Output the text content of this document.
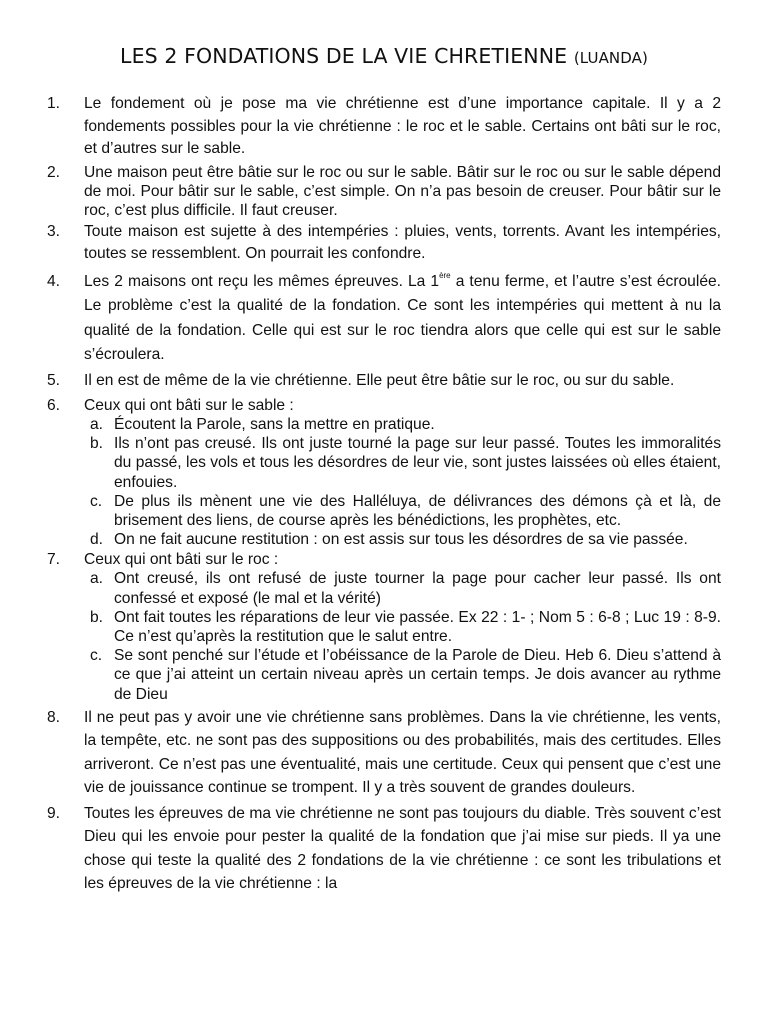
LES 2 FONDATIONS DE LA VIE CHRETIENNE (LUANDA)
1. Le fondement où je pose ma vie chrétienne est d’une importance capitale. Il y a 2 fondements possibles pour la vie chrétienne : le roc et le sable. Certains ont bâti sur le roc, et d’autres sur le sable.
2. Une maison peut être bâtie sur le roc ou sur le sable. Bâtir sur le roc ou sur le sable dépend de moi. Pour bâtir sur le sable, c’est simple. On n’a pas besoin de creuser. Pour bâtir sur le roc, c’est plus difficile. Il faut creuser.
3. Toute maison est sujette à des intempéries : pluies, vents, torrents. Avant les intempéries, toutes se ressemblent. On pourrait les confondre.
4. Les 2 maisons ont reçu les mêmes épreuves. La 1ère a tenu ferme, et l’autre s’est écroulée. Le problème c’est la qualité de la fondation. Ce sont les intempéries qui mettent à nu la qualité de la fondation. Celle qui est sur le roc tiendra alors que celle qui est sur le sable s’écroulera.
5. Il en est de même de la vie chrétienne. Elle peut être bâtie sur le roc, ou sur du sable.
6. Ceux qui ont bâti sur le sable :
a. Écoutent la Parole, sans la mettre en pratique.
b. Ils n’ont pas creusé. Ils ont juste tourné la page sur leur passé. Toutes les immoralités du passé, les vols et tous les désordres de leur vie, sont justes laissées où elles étaient, enfouies.
c. De plus ils mènent une vie des Halléluya, de délivrances des démons çà et là, de brisement des liens, de course après les bénédictions, les prophètes, etc.
d. On ne fait aucune restitution : on est assis sur tous les désordres de sa vie passée.
7. Ceux qui ont bâti sur le roc :
a. Ont creusé, ils ont refusé de juste tourner la page pour cacher leur passé. Ils ont confessé et exposé (le mal et la vérité)
b. Ont fait toutes les réparations de leur vie passée. Ex 22 : 1- ; Nom 5 : 6-8 ; Luc 19 : 8-9. Ce n’est qu’après la restitution que le salut entre.
c. Se sont penché sur l’étude et l’obéissance de la Parole de Dieu. Heb 6. Dieu s’attend à ce que j’ai atteint un certain niveau après un certain temps. Je dois avancer au rythme de Dieu
8. Il ne peut pas y avoir une vie chrétienne sans problèmes. Dans la vie chrétienne, les vents, la tempête, etc. ne sont pas des suppositions ou des probabilités, mais des certitudes. Elles arriveront. Ce n’est pas une éventualité, mais une certitude. Ceux qui pensent que c’est une vie de jouissance continue se trompent. Il y a très souvent de grandes douleurs.
9. Toutes les épreuves de ma vie chrétienne ne sont pas toujours du diable. Très souvent c’est Dieu qui les envoie pour pester la qualité de la fondation que j’ai mise sur pieds. Il ya une chose qui teste la qualité des 2 fondations de la vie chrétienne : ce sont les tribulations et les épreuves de la vie chrétienne : la
